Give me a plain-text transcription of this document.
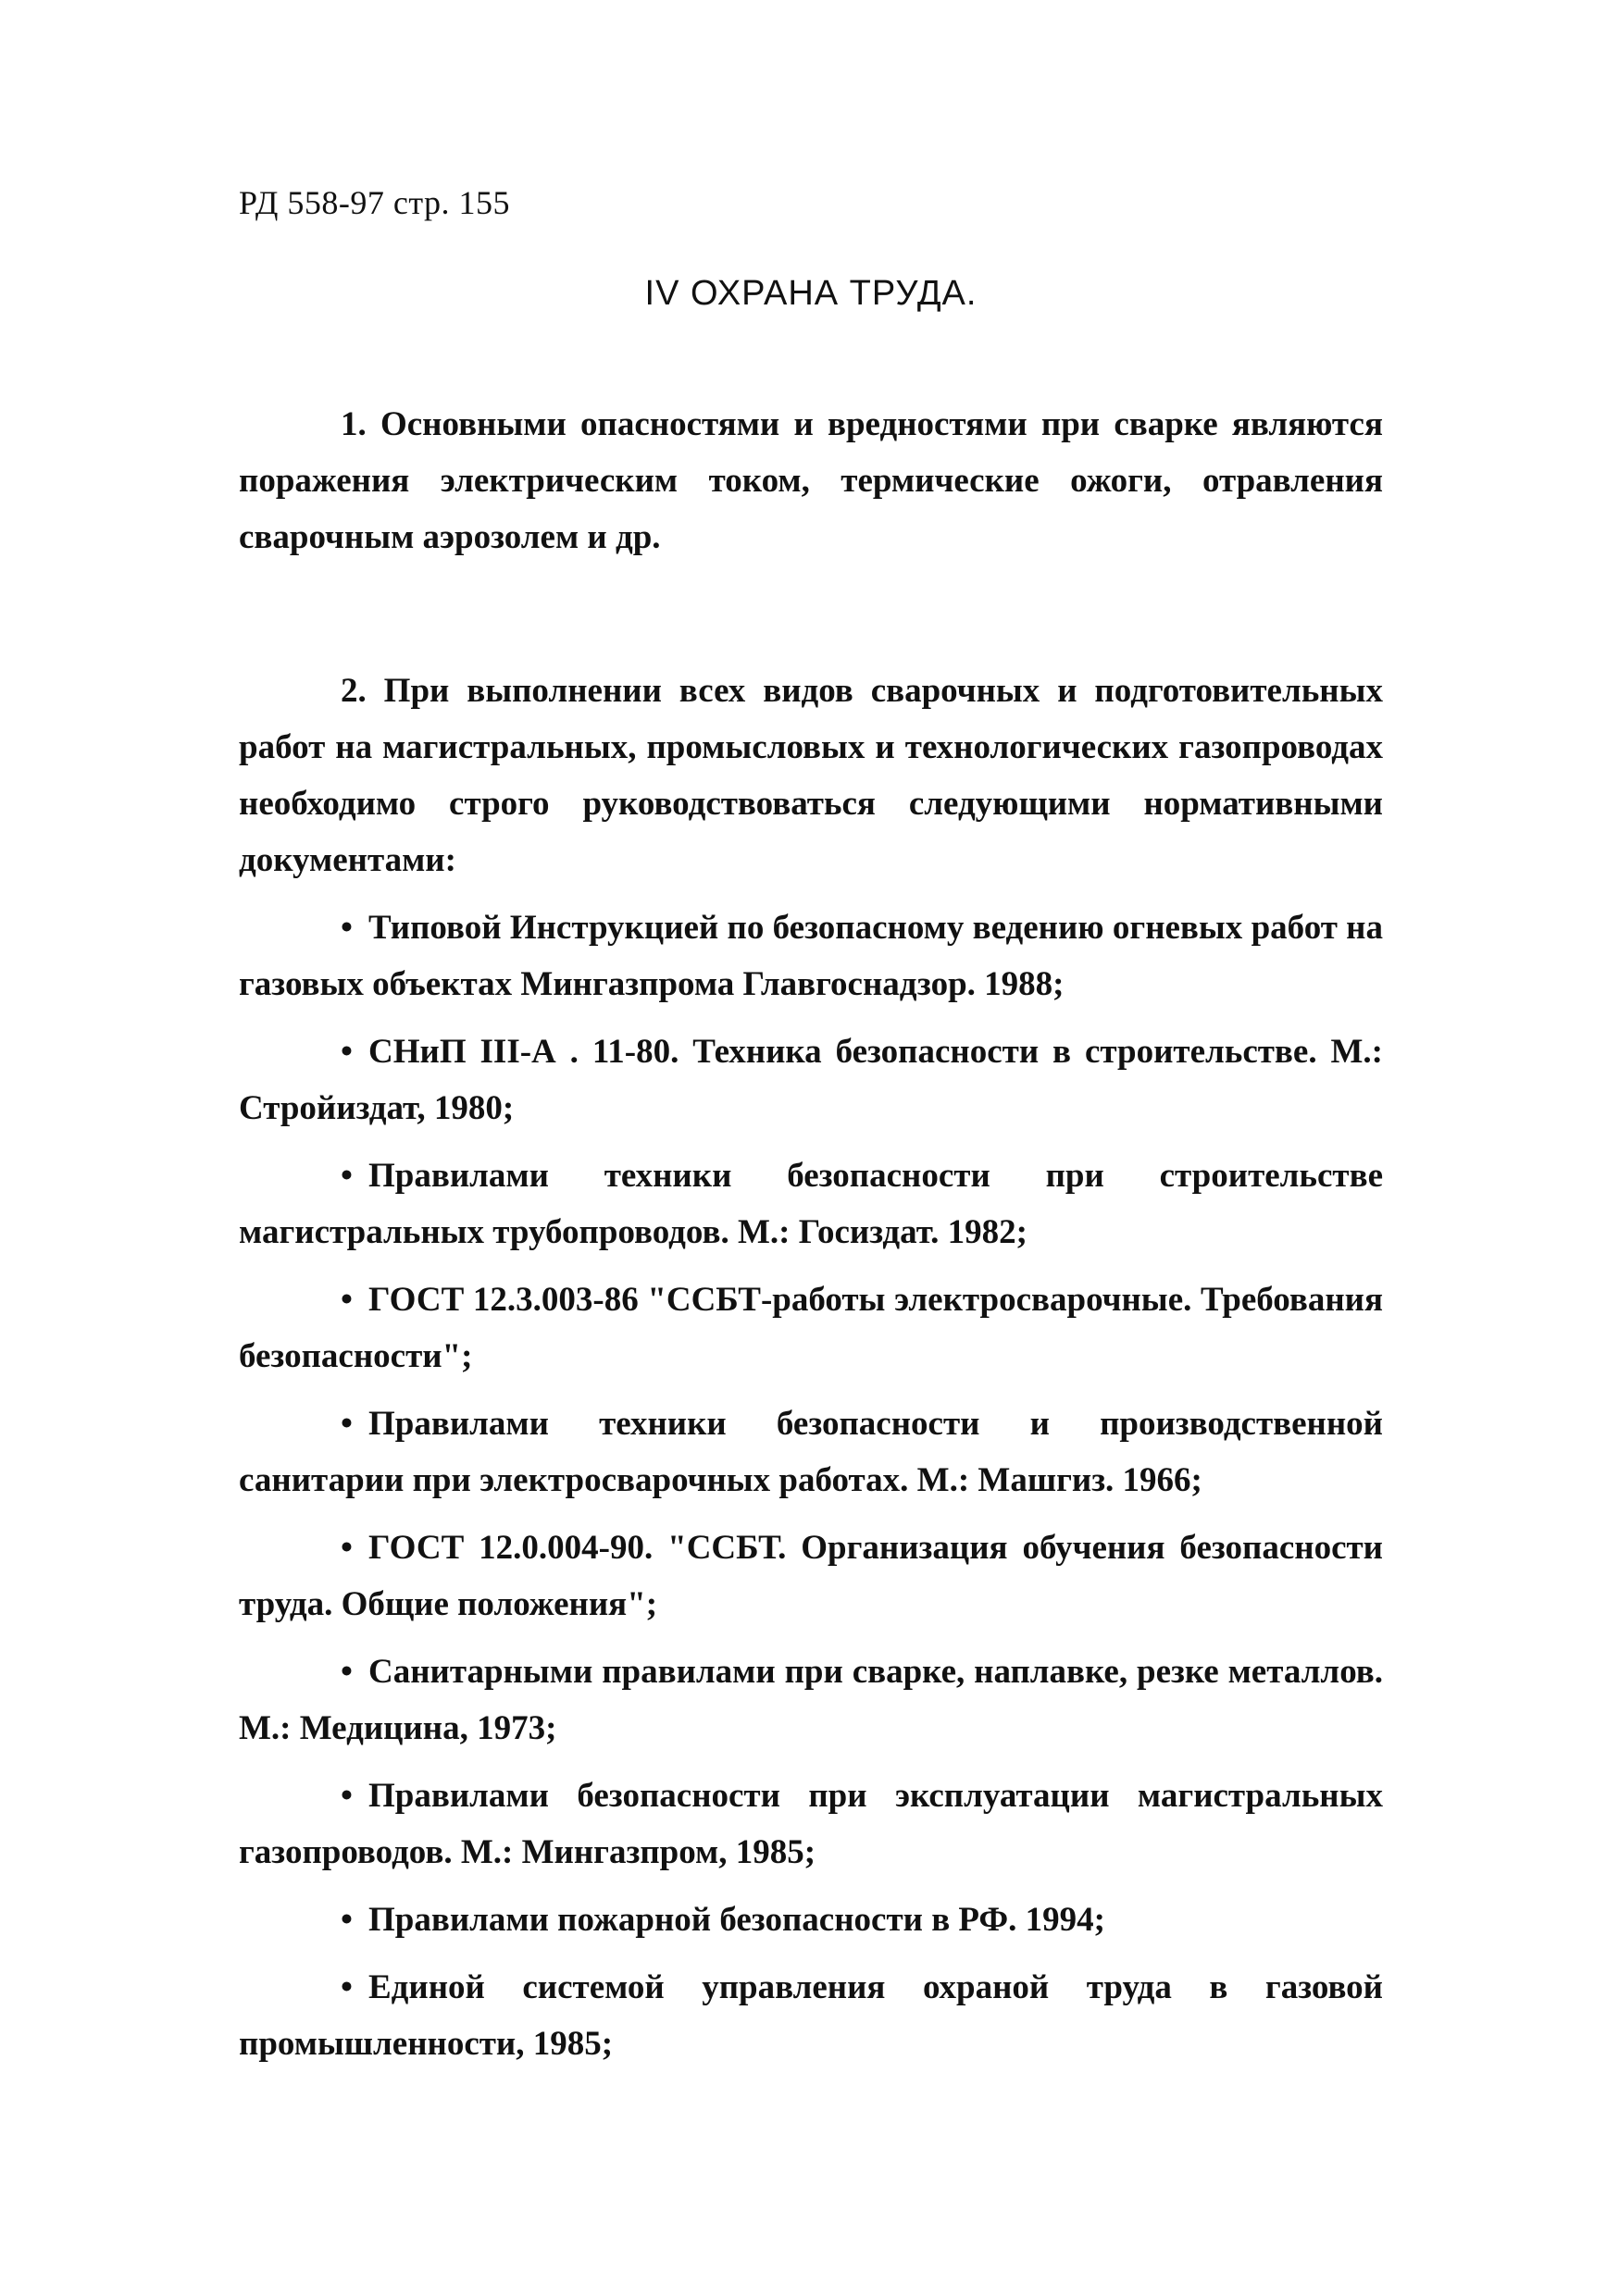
РД 558-97 стр. 155
IV ОХРАНА ТРУДА.

1. Основными опасностями и вредностями при сварке являются поражения электрическим током, термические ожоги, отравления сварочным аэрозолем и др.

2. При выполнении всех видов сварочных и подготовительных работ на магистральных, промысловых и технологических газопроводах необходимо строго руководствоваться следующими нормативными документами:

• Типовой Инструкцией по безопасному ведению огневых работ на газовых объектах Мингазпрома Главгоснадзор. 1988;

• СНиП III-А . 11-80. Техника безопасности в строительстве. М.: Стройиздат, 1980;

• Правилами техники безопасности при строительстве магистральных трубопроводов. М.: Госиздат. 1982;

• ГОСТ 12.3.003-86 "ССБТ-работы электросварочные. Требования безопасности";

• Правилами техники безопасности и производственной санитарии при электросварочных работах. М.: Машгиз. 1966;

• ГОСТ 12.0.004-90. "ССБТ. Организация обучения безопасности труда. Общие положения";

• Санитарными правилами при сварке, наплавке, резке металлов. М.: Медицина, 1973;

• Правилами безопасности при эксплуатации магистральных газопроводов. М.: Мингазпром, 1985;

• Правилами пожарной безопасности в РФ. 1994;

• Единой системой управления охраной труда в газовой промышленности, 1985;
